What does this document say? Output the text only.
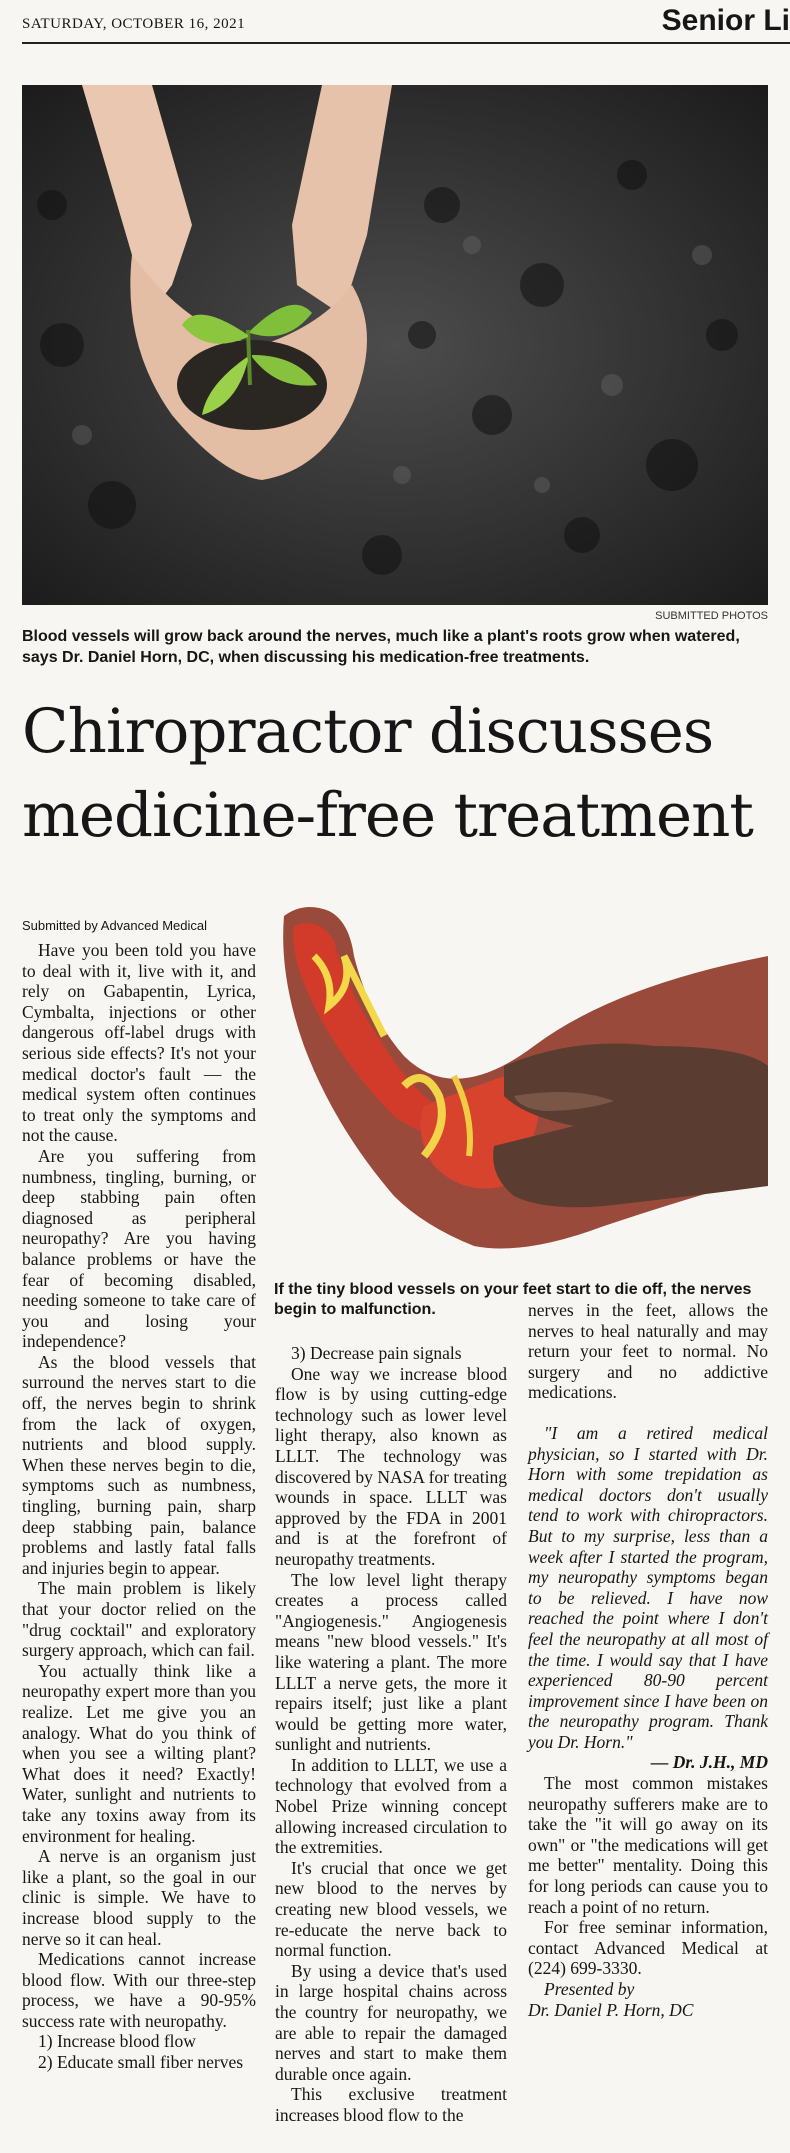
SATURDAY, OCTOBER 16, 2021	Senior Li
SUBMITTED PHOTOS
Blood vessels will grow back around the nerves, much like a plant's roots grow when watered, says Dr. Daniel Horn, DC, when discussing his medication-free treatments.
Chiropractor discusses
medicine-free treatment
Submitted by Advanced Medical

Have you been told you have to deal with it, live with it, and rely on Gabapentin, Lyrica, Cymbalta, injections or other dangerous off-label drugs with serious side effects? It's not your medical doctor's fault — the medical system often continues to treat only the symptoms and not the cause.

Are you suffering from numbness, tingling, burning, or deep stabbing pain often diagnosed as peripheral neuropathy? Are you having balance problems or have the fear of becoming disabled, needing someone to take care of you and losing your independence?

As the blood vessels that surround the nerves start to die off, the nerves begin to shrink from the lack of oxygen, nutrients and blood supply. When these nerves begin to die, symptoms such as numbness, tingling, burning pain, sharp deep stabbing pain, balance problems and lastly fatal falls and injuries begin to appear.

The main problem is likely that your doctor relied on the "drug cocktail" and exploratory surgery approach, which can fail.

You actually think like a neuropathy expert more than you realize. Let me give you an analogy. What do you think of when you see a wilting plant? What does it need? Exactly! Water, sunlight and nutrients to take any toxins away from its environment for healing.

A nerve is an organism just like a plant, so the goal in our clinic is simple. We have to increase blood supply to the nerve so it can heal.

Medications cannot increase blood flow. With our three-step process, we have a 90-95% success rate with neuropathy.

1) Increase blood flow

2) Educate small fiber nerves

If the tiny blood vessels on your feet start to die off, the nerves begin to malfunction.

3) Decrease pain signals

One way we increase blood flow is by using cutting-edge technology such as lower level light therapy, also known as LLLT. The technology was discovered by NASA for treating wounds in space. LLLT was approved by the FDA in 2001 and is at the forefront of neuropathy treatments.

The low level light therapy creates a process called "Angiogenesis." Angiogenesis means "new blood vessels." It's like watering a plant. The more LLLT a nerve gets, the more it repairs itself; just like a plant would be getting more water, sunlight and nutrients.

In addition to LLLT, we use a technology that evolved from a Nobel Prize winning concept allowing increased circulation to the extremities.

It's crucial that once we get new blood to the nerves by creating new blood vessels, we re-educate the nerve back to normal function.

By using a device that's used in large hospital chains across the country for neuropathy, we are able to repair the damaged nerves and start to make them durable once again.

This exclusive treatment increases blood flow to the

nerves in the feet, allows the nerves to heal naturally and may return your feet to normal. No surgery and no addictive medications.

"I am a retired medical physician, so I started with Dr. Horn with some trepidation as medical doctors don't usually tend to work with chiropractors. But to my surprise, less than a week after I started the program, my neuropathy symptoms began to be relieved. I have now reached the point where I don't feel the neuropathy at all most of the time. I would say that I have experienced 80-90 percent improvement since I have been on the neuropathy program. Thank you Dr. Horn."

— Dr. J.H., MD

The most common mistakes neuropathy sufferers make are to take the "it will go away on its own" or "the medications will get me better" mentality. Doing this for long periods can cause you to reach a point of no return.

For free seminar information, contact Advanced Medical at (224) 699-3330.

Presented by

Dr. Daniel P. Horn, DC
